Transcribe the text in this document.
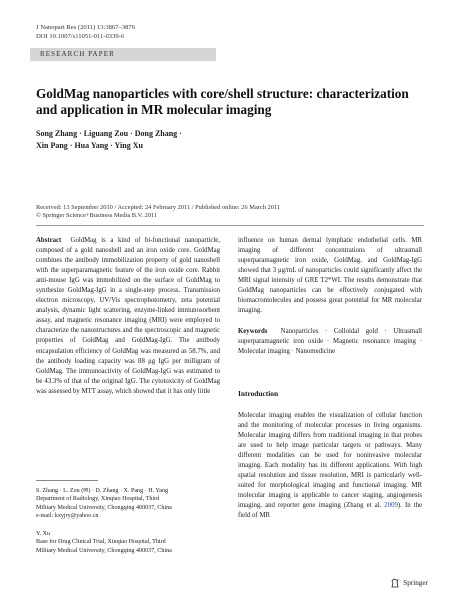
J Nanopart Res (2011) 13:3867–3876
DOI 10.1007/s11051-011-0339-6
RESEARCH PAPER
GoldMag nanoparticles with core/shell structure: characterization and application in MR molecular imaging
Song Zhang · Liguang Zou · Dong Zhang ·
Xin Pang · Hua Yang · Ying Xu
Received: 13 September 2010 / Accepted: 24 February 2011 / Published online: 26 March 2011
© Springer Science+Business Media B.V. 2011

Abstract GoldMag is a kind of bi-functional nanoparticle, composed of a gold nanoshell and an iron oxide core. GoldMag combines the antibody immobilization property of gold nanoshell with the superparamagnetic feature of the iron oxide core. Rabbit anti-mouse IgG was immobilized on the surface of GoldMag to synthesize GoldMag-IgG in a single-step process. Transmission electron microscopy, UV/Vis spectrophotometry, zeta potential analysis, dynamic light scattering, enzyme-linked immunosorbent assay, and magnetic resonance imaging (MRI) were employed to characterize the nanostructures and the spectroscopic and magnetic properties of GoldMag and GoldMag-IgG. The antibody encapsulation efficiency of GoldMag was measured as 58.7%, and the antibody loading capacity was 88 μg IgG per milligram of GoldMag. The immunoactivity of GoldMag-IgG was estimated to be 43.3% of that of the original IgG. The cytotoxicity of GoldMag was assessed by MTT assay, which showed that it has only little

influence on human dermal lymphatic endothelial cells. MR imaging of different concentrations of ultrasmall superparamagnetic iron oxide, GoldMag, and GoldMag-IgG showed that 3 μg/mL of nanoparticles could significantly affect the MRI signal intensity of GRE T2*WI. The results demonstrate that GoldMag nanoparticles can be effectively conjugated with biomacromolecules and possess great potential for MR molecular imaging.

Keywords Nanoparticles · Colloidal gold · Ultrasmall superparamagnetic iron oxide · Magnetic resonance imaging · Molecular imaging · Nanomedicine

Introduction

Molecular imaging enables the visualization of cellular function and the monitoring of molecular processes in living organisms. Molecular imaging differs from traditional imaging in that probes are used to help image particular targets or pathways. Many different modalities can be used for noninvasive molecular imaging. Each modality has its different applications. With high spatial resolution and tissue resolution, MRI is particularly well-suited for morphological imaging and functional imaging. MR molecular imaging is applicable to cancer staging, angiogenesis imaging, and reporter gene imaging (Zhang et al. 2009). In the field of MR

S. Zhang · L. Zou (✉) · D. Zhang · X. Pang · H. Yang
Department of Radiology, Xinqiao Hospital, Third
Military Medical University, Chongqing 400037, China
e-mail: kxyjry@yahoo.cn
Y. Xu
Base for Drug Clinical Trial, Xinqiao Hospital, Third
Military Medical University, Chongqing 400037, China
Springer
